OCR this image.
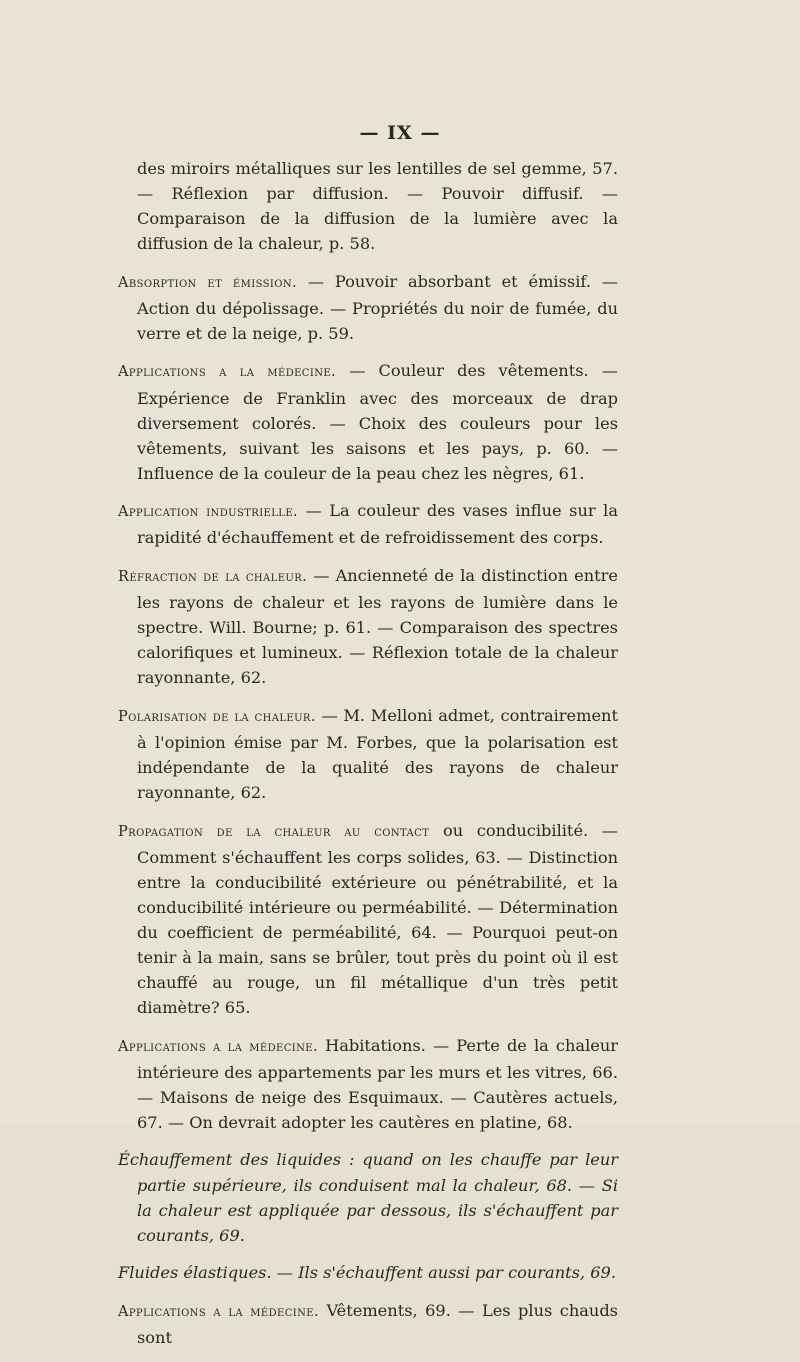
— IX —

des miroirs métalliques sur les lentilles de sel gemme, 57. — Réflexion par diffusion. — Pouvoir diffusif. — Comparaison de la diffusion de la lumière avec la diffusion de la chaleur, p. 58.

Absorption et émission. — Pouvoir absorbant et émissif. — Action du dépolissage. — Propriétés du noir de fumée, du verre et de la neige, p. 59.

Applications a la médecine. — Couleur des vêtements. — Expérience de Franklin avec des morceaux de drap diversement colorés. — Choix des couleurs pour les vêtements, suivant les saisons et les pays, p. 60. — Influence de la couleur de la peau chez les nègres, 61.

Application industrielle. — La couleur des vases influe sur la rapidité d'échauffement et de refroidissement des corps.

Réfraction de la chaleur. — Ancienneté de la distinction entre les rayons de chaleur et les rayons de lumière dans le spectre. Will. Bourne; p. 61. — Comparaison des spectres calorifiques et lumineux. — Réflexion totale de la chaleur rayonnante, 62.

Polarisation de la chaleur. — M. Melloni admet, contrairement à l'opinion émise par M. Forbes, que la polarisation est indépendante de la qualité des rayons de chaleur rayonnante, 62.

Propagation de la chaleur au contact ou conducibilité. — Comment s'échauffent les corps solides, 63. — Distinction entre la conducibilité extérieure ou pénétrabilité, et la conducibilité intérieure ou perméabilité. — Détermination du coefficient de perméabilité, 64. — Pourquoi peut-on tenir à la main, sans se brûler, tout près du point où il est chauffé au rouge, un fil métallique d'un très petit diamètre? 65.

Applications a la médecine. Habitations. — Perte de la chaleur intérieure des appartements par les murs et les vitres, 66. — Maisons de neige des Esquimaux. — Cautères actuels, 67. — On devrait adopter les cautères en platine, 68.

Échauffement des liquides : quand on les chauffe par leur partie supérieure, ils conduisent mal la chaleur, 68. — Si la chaleur est appliquée par dessous, ils s'échauffent par courants, 69.

Fluides élastiques. — Ils s'échauffent aussi par courants, 69.

Applications a la médecine. Vêtements, 69. — Les plus chauds sont
